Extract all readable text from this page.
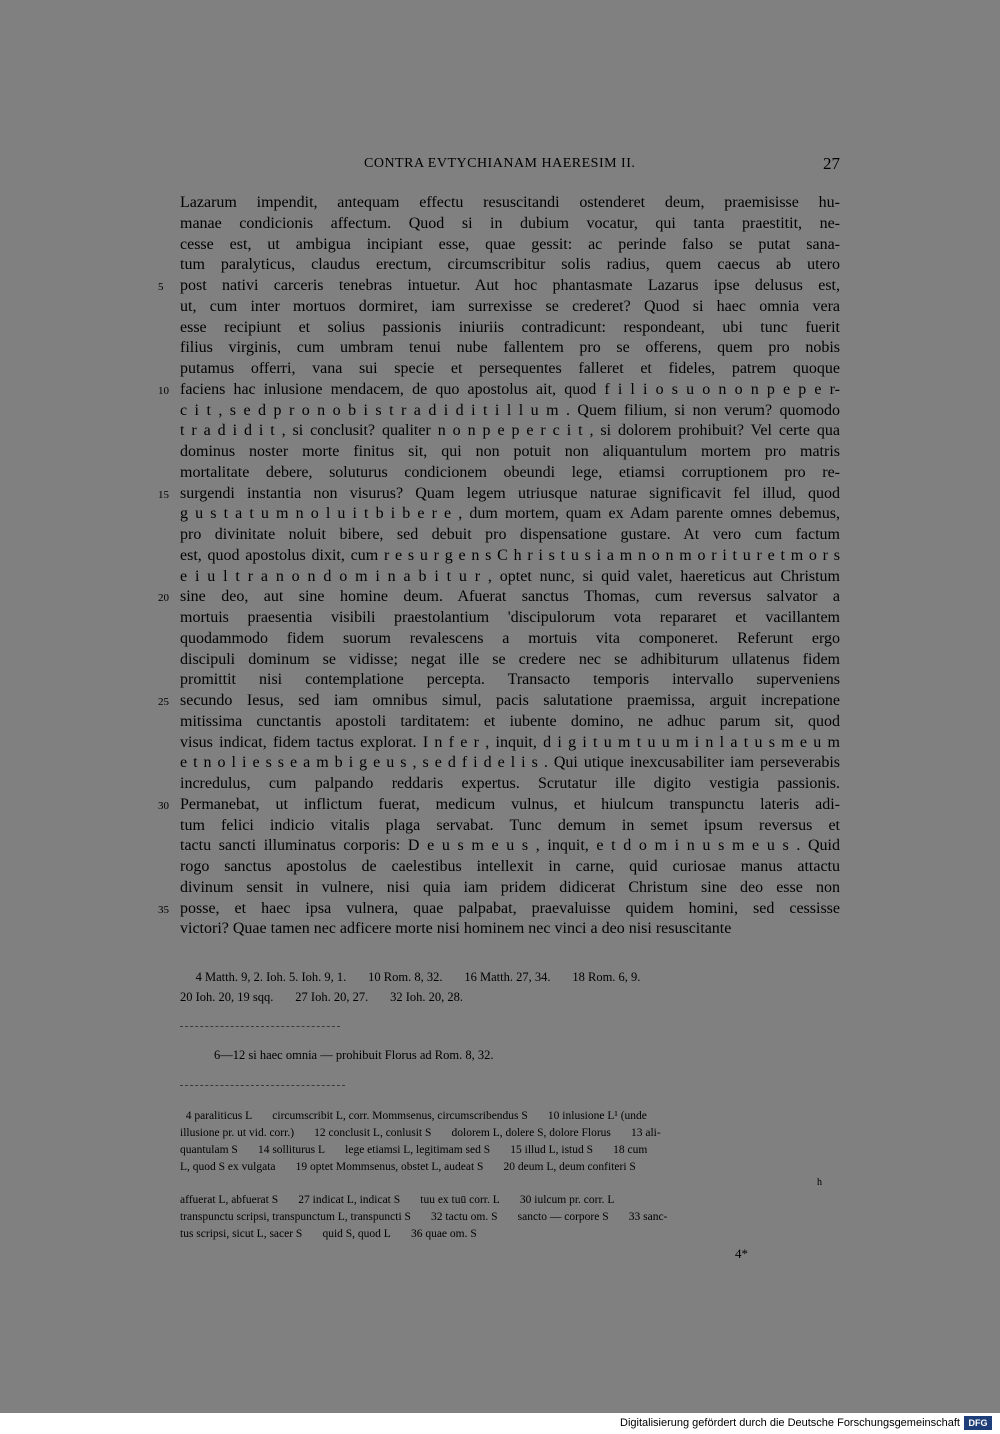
CONTRA EVTYCHIANAM HAERESIM II.	27
Lazarum impendit, antequam effectu resuscitandi ostenderet deum, praemisisse hu-
manae condicionis affectum. Quod si in dubium vocatur, qui tanta praestitit, ne-
cesse est, ut ambigua incipiant esse, quae gessit: ac perinde falso se putat sana-
tum paralyticus, claudus erectum, circumscribitur solis radius, quem caecus ab utero
5 post nativi carceris tenebras intuetur. Aut hoc phantasmate Lazarus ipse delusus est,
ut, cum inter mortuos dormiret, iam surrexisse se crederet? Quod si haec omnia vera
esse recipiunt et solius passionis iniuriis contradicunt: respondeant, ubi tunc fuerit
filius virginis, cum umbram tenui nube fallentem pro se offerens, quem pro nobis
putamus offerri, vana sui specie et persequentes falleret et fideles, patrem quoque
10 faciens hac inlusione mendacem, de quo apostolus ait, quod f i l i o s u o n o n p e p e r-
c i t , s e d p r o n o b i s t r a d i d i t i l l u m . Quem filium, si non verum? quomodo
t r a d i d i t , si conclusit? qualiter n o n p e p e r c i t , si dolorem prohibuit? Vel certe qua
dominus noster morte finitus sit, qui non potuit non aliquantulum mortem pro matris
mortalitate debere, soluturus condicionem obeundi lege, etiamsi corruptionem pro re-
15 surgendi instantia non visurus? Quam legem utriusque naturae significavit fel illud, quod
g u s t a t u m n o l u i t b i b e r e , dum mortem, quam ex Adam parente omnes debemus,
pro divinitate noluit bibere, sed debuit pro dispensatione gustare. At vero cum factum
est, quod apostolus dixit, cum r e s u r g e n s C h r i s t u s i a m n o n m o r i t u r e t m o r s
e i u l t r a n o n d o m i n a b i t u r , optet nunc, si quid valet, haereticus aut Christum
20 sine deo, aut sine homine deum. Afuerat sanctus Thomas, cum reversus salvator a
mortuis praesentia visibili praestolantium 'discipulorum vota repararet et vacillantem
quodammodo fidem suorum revalescens a mortuis vita componeret. Referunt ergo
discipuli dominum se vidisse; negat ille se credere nec se adhibiturum ullatenus fidem
promittit nisi contemplatione percepta. Transacto temporis intervallo superveniens
25 secundo Iesus, sed iam omnibus simul, pacis salutatione praemissa, arguit increpatione
mitissima cunctantis apostoli tarditatem: et iubente domino, ne adhuc parum sit, quod
visus indicat, fidem tactus explorat. I n f e r , inquit, d i g i t u m t u u m i n l a t u s m e u m
e t n o l i e s s e a m b i g e u s , s e d f i d e l i s . Qui utique inexcusabiliter iam perseverabis
incredulus, cum palpando reddaris expertus. Scrutatur ille digito vestigia passionis.
30 Permanebat, ut inflictum fuerat, medicum vulnus, et hiulcum transpunctu lateris adi-
tum felici indicio vitalis plaga servabat. Tunc demum in semet ipsum reversus et
tactu sancti illuminatus corporis: D e u s m e u s , inquit, e t d o m i n u s m e u s . Quid
rogo sanctus apostolus de caelestibus intellexit in carne, quid curiosae manus attactu
divinum sensit in vulnere, nisi quia iam pridem didicerat Christum sine deo esse non
35 posse, et haec ipsa vulnera, quae palpabat, praevaluisse quidem homini, sed cessisse
victori? Quae tamen nec adficere morte nisi hominem nec vinci a deo nisi resuscitante
4 Matth. 9, 2. Ioh. 5. Ioh. 9, 1.       10 Rom. 8, 32.       16 Matth. 27, 34.       18 Rom. 6, 9.
20 Ioh. 20, 19 sqq.       27 Ioh. 20, 27.       32 Ioh. 20, 28.
6—12 si haec omnia — prohibuit Florus ad Rom. 8, 32.
4 paraliticus L       circumscribit L, corr. Mommsenus, circumscribendus S       10 inlusione L¹ (unde
illusione pr. ut vid. corr.)       12 conclusit L, conlusit S       dolorem L, dolere S, dolore Florus       13 ali-
quantulam S       14 solliturus L       lege etiamsi L, legitimam sed S       15 illud L, istud S       18 cum
L, quod S ex vulgata       19 optet Mommsenus, obstet L, audeat S       20 deum L, deum confiteri S
h
affuerat L, abfuerat S       27 indicat L, indicat S       tuu ex tuū corr. L       30 iulcum pr. corr. L
transpunctu scripsi, transpunctum L, transpuncti S       32 tactu om. S       sancto — corpore S       33 sanc-
tus scripsi, sicut L, sacer S       quid S, quod L       36 quae om. S
4*
Digitalisierung gefördert durch die Deutsche Forschungsgemeinschaft DFG
